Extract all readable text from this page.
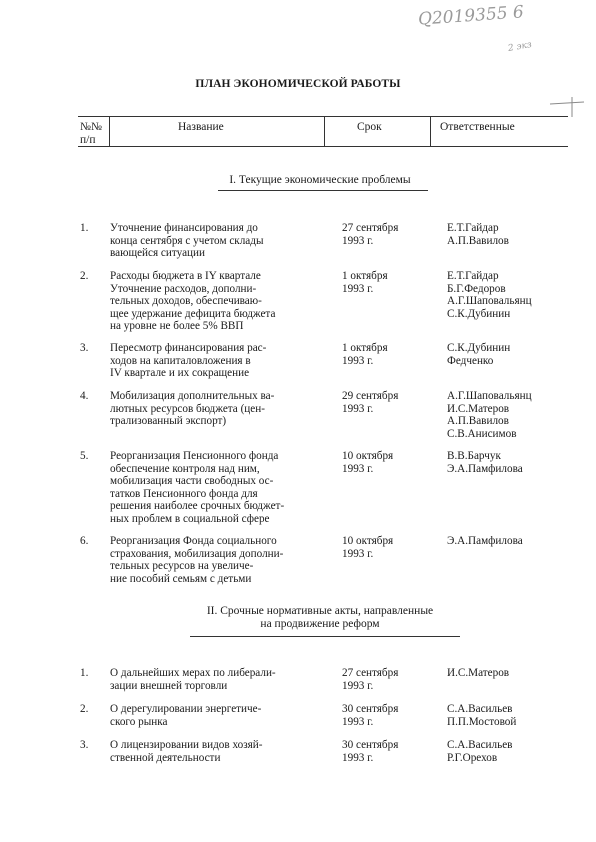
Q2019355 6
2 экз
ПЛАН ЭКОНОМИЧЕСКОЙ РАБОТЫ
№№
п/п
Название	Срок	Ответственные
I. Текущие экономические проблемы
1. Уточнение финансирования до
конца сентября с учетом склады
вающейся ситуации
27 сентября
1993 г.
Е.Т.Гайдар
А.П.Вавилов
2. Расходы бюджета в IY квартале
Уточнение расходов, дополни-
тельных доходов, обеспечиваю-
щее удержание дефицита бюджета
на уровне не более 5% ВВП
1 октября
1993 г.
Е.Т.Гайдар
Б.Г.Федоров
А.Г.Шаповальянц
С.К.Дубинин
3. Пересмотр финансирования рас-
ходов на капиталовложения в
IV квартале и их сокращение
1 октября
1993 г.
С.К.Дубинин
Федченко
4. Мобилизация дополнительных ва-
лютных ресурсов бюджета (цен-
трализованный экспорт)
29 сентября
1993 г.
А.Г.Шаповальянц
И.С.Матеров
А.П.Вавилов
С.В.Анисимов
5. Реорганизация Пенсионного фонда
обеспечение контроля над ним,
мобилизация части свободных ос-
татков Пенсионного фонда для
решения наиболее срочных бюджет-
ных проблем в социальной сфере
10 октября
1993 г.
В.В.Барчук
Э.А.Памфилова
6. Реорганизация Фонда социального
страхования, мобилизация дополни-
тельных ресурсов на увеличе-
ние пособий семьям с детьми
10 октября
1993 г.
Э.А.Памфилова
II. Срочные нормативные акты, направленные
на продвижение реформ
1. О дальнейших мерах по либерали-
зации внешней торговли
27 сентября
1993 г.
И.С.Матеров
2. О дерегулировании энергетиче-
ского рынка
30 сентября
1993 г.
С.А.Васильев
П.П.Мостовой
3. О лицензировании видов хозяй-
ственной деятельности
30 сентября
1993 г.
С.А.Васильев
Р.Г.Орехов
